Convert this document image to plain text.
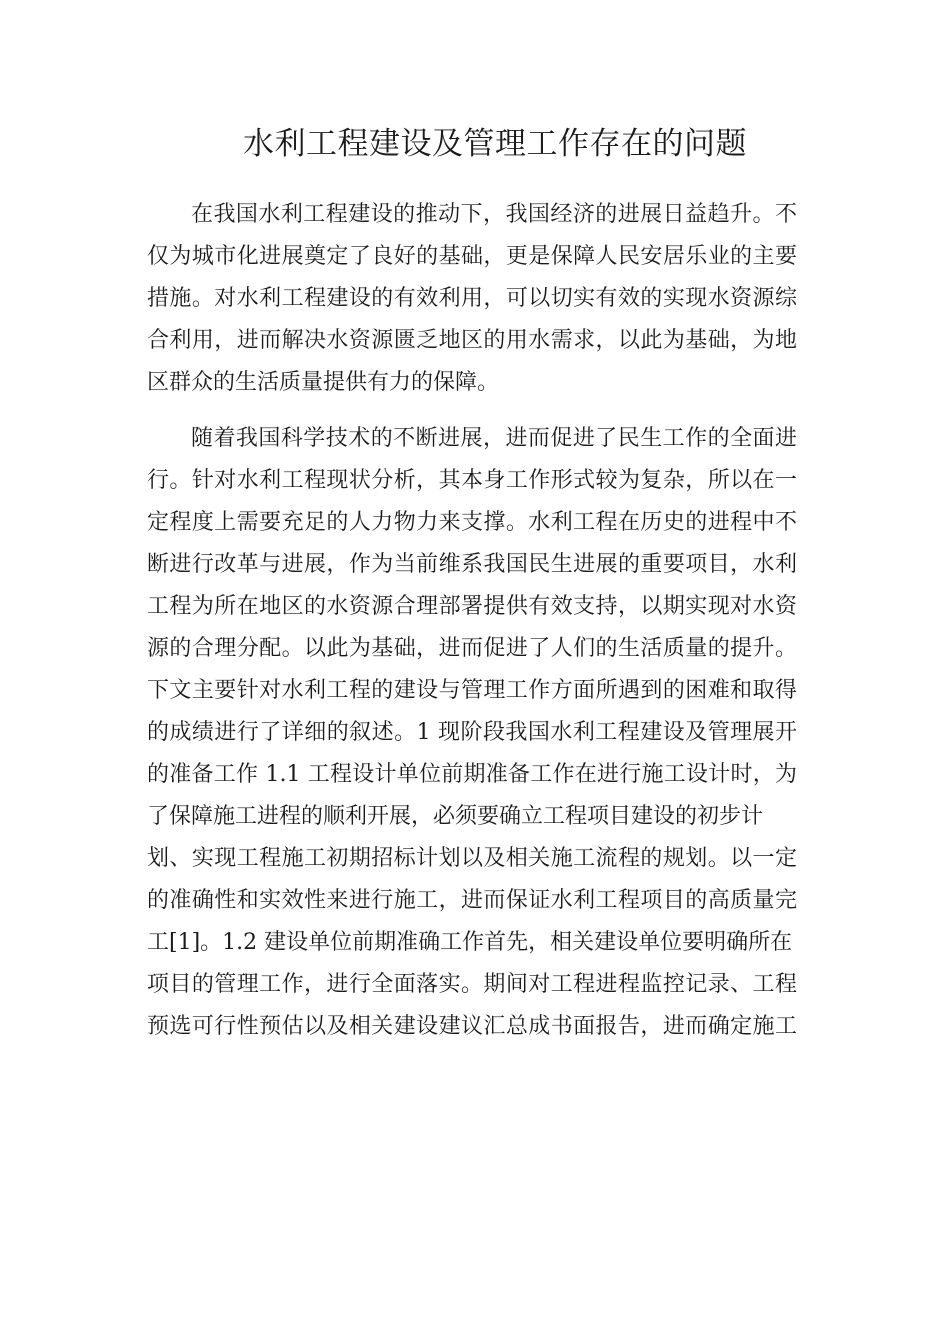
水利工程建设及管理工作存在的问题
在我国水利工程建设的推动下，我国经济的进展日益趋升。不
仅为城市化进展奠定了良好的基础，更是保障人民安居乐业的主要
措施。对水利工程建设的有效利用，可以切实有效的实现水资源综
合利用，进而解决水资源匮乏地区的用水需求，以此为基础，为地
区群众的生活质量提供有力的保障。
随着我国科学技术的不断进展，进而促进了民生工作的全面进
行。针对水利工程现状分析，其本身工作形式较为复杂，所以在一
定程度上需要充足的人力物力来支撑。水利工程在历史的进程中不
断进行改革与进展，作为当前维系我国民生进展的重要项目，水利
工程为所在地区的水资源合理部署提供有效支持，以期实现对水资
源的合理分配。以此为基础，进而促进了人们的生活质量的提升。
下文主要针对水利工程的建设与管理工作方面所遇到的困难和取得
的成绩进行了详细的叙述。1 现阶段我国水利工程建设及管理展开
的准备工作 1.1 工程设计单位前期准备工作在进行施工设计时，为
了保障施工进程的顺利开展，必须要确立工程项目建设的初步计
划、实现工程施工初期招标计划以及相关施工流程的规划。以一定
的准确性和实效性来进行施工，进而保证水利工程项目的高质量完
工[1]。1.2 建设单位前期准确工作首先，相关建设单位要明确所在
项目的管理工作，进行全面落实。期间对工程进程监控记录、工程
预选可行性预估以及相关建设建议汇总成书面报告，进而确定施工
